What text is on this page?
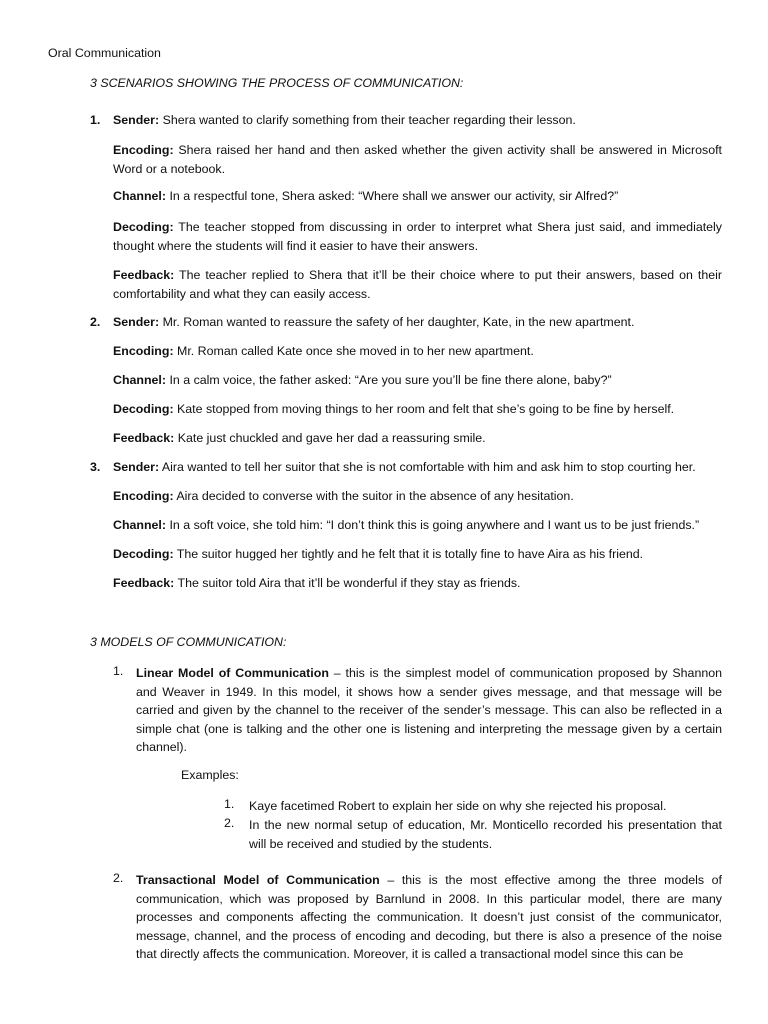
Oral Communication
3 SCENARIOS SHOWING THE PROCESS OF COMMUNICATION:
1. Sender: Shera wanted to clarify something from their teacher regarding their lesson.
Encoding: Shera raised her hand and then asked whether the given activity shall be answered in Microsoft Word or a notebook.
Channel: In a respectful tone, Shera asked: “Where shall we answer our activity, sir Alfred?”
Decoding: The teacher stopped from discussing in order to interpret what Shera just said, and immediately thought where the students will find it easier to have their answers.
Feedback: The teacher replied to Shera that it’ll be their choice where to put their answers, based on their comfortability and what they can easily access.
2. Sender: Mr. Roman wanted to reassure the safety of her daughter, Kate, in the new apartment.
Encoding: Mr. Roman called Kate once she moved in to her new apartment.
Channel: In a calm voice, the father asked: “Are you sure you’ll be fine there alone, baby?”
Decoding: Kate stopped from moving things to her room and felt that she’s going to be fine by herself.
Feedback: Kate just chuckled and gave her dad a reassuring smile.
3. Sender: Aira wanted to tell her suitor that she is not comfortable with him and ask him to stop courting her.
Encoding: Aira decided to converse with the suitor in the absence of any hesitation.
Channel: In a soft voice, she told him: “I don’t think this is going anywhere and I want us to be just friends.”
Decoding: The suitor hugged her tightly and he felt that it is totally fine to have Aira as his friend.
Feedback: The suitor told Aira that it’ll be wonderful if they stay as friends.
3 MODELS OF COMMUNICATION:
1. Linear Model of Communication – this is the simplest model of communication proposed by Shannon and Weaver in 1949. In this model, it shows how a sender gives message, and that message will be carried and given by the channel to the receiver of the sender’s message. This can also be reflected in a simple chat (one is talking and the other one is listening and interpreting the message given by a certain channel).
Examples:
1. Kaye facetimed Robert to explain her side on why she rejected his proposal.
2. In the new normal setup of education, Mr. Monticello recorded his presentation that will be received and studied by the students.
2. Transactional Model of Communication – this is the most effective among the three models of communication, which was proposed by Barnlund in 2008. In this particular model, there are many processes and components affecting the communication. It doesn’t just consist of the communicator, message, channel, and the process of encoding and decoding, but there is also a presence of the noise that directly affects the communication. Moreover, it is called a transactional model since this can be
